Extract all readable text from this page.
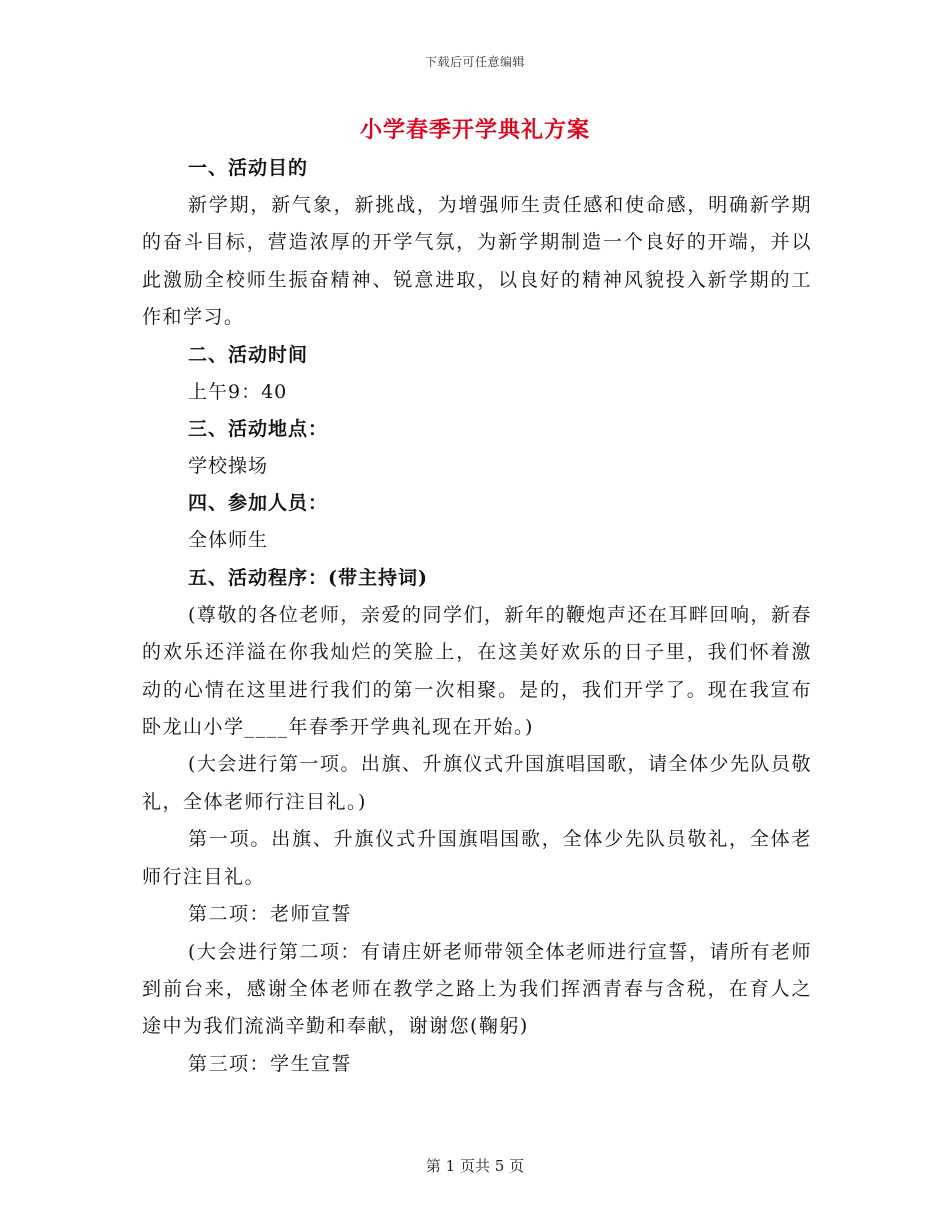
下载后可任意编辑
小学春季开学典礼方案

一、活动目的

新学期，新气象，新挑战，为增强师生责任感和使命感，明确新学期的奋斗目标，营造浓厚的开学气氛，为新学期制造一个良好的开端，并以此激励全校师生振奋精神、锐意进取，以良好的精神风貌投入新学期的工作和学习。

二、活动时间

上午9：40

三、活动地点：

学校操场

四、参加人员：

全体师生

五、活动程序：(带主持词)

(尊敬的各位老师，亲爱的同学们，新年的鞭炮声还在耳畔回响，新春的欢乐还洋溢在你我灿烂的笑脸上，在这美好欢乐的日子里，我们怀着激动的心情在这里进行我们的第一次相聚。是的，我们开学了。现在我宣布卧龙山小学____年春季开学典礼现在开始。)

(大会进行第一项。出旗、升旗仪式升国旗唱国歌，请全体少先队员敬礼，全体老师行注目礼。)

第一项。出旗、升旗仪式升国旗唱国歌，全体少先队员敬礼，全体老师行注目礼。

第二项：老师宣誓

(大会进行第二项：有请庄妍老师带领全体老师进行宣誓，请所有老师到前台来，感谢全体老师在教学之路上为我们挥洒青春与含税，在育人之途中为我们流淌辛勤和奉献，谢谢您(鞠躬)

第三项：学生宣誓

第 1 页共 5 页
